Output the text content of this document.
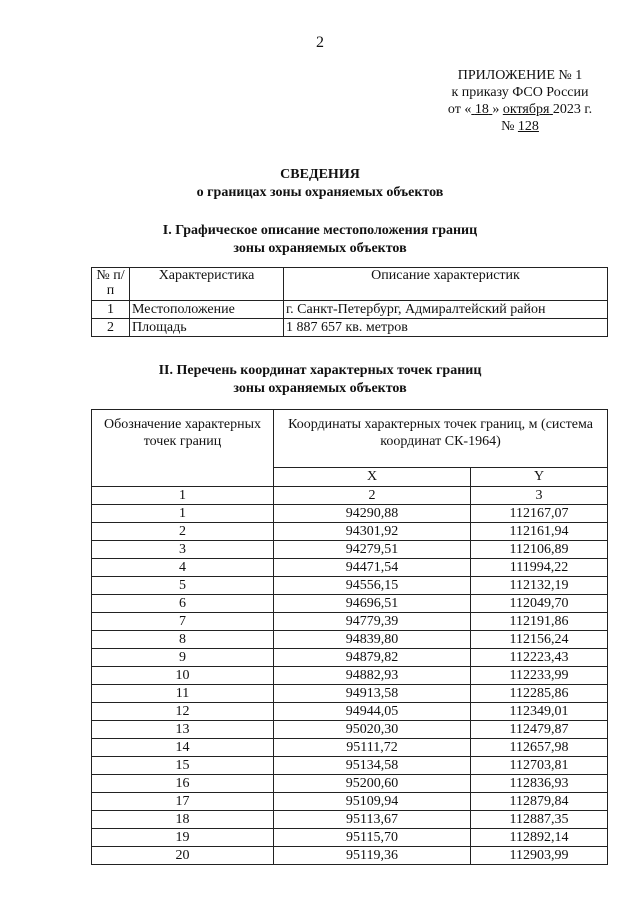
2
ПРИЛОЖЕНИЕ № 1
к приказу ФСО России
от « 18 » октября 2023 г.
№ 128
СВЕДЕНИЯ
о границах зоны охраняемых объектов
I. Графическое описание местоположения границ
зоны охраняемых объектов
№ п/п	Характеристика	Описание характеристик
1	Местоположение	г. Санкт-Петербург, Адмиралтейский район
2	Площадь	1 887 657 кв. метров
II. Перечень координат характерных точек границ
зоны охраняемых объектов
Обозначение характерных точек границ	Координаты характерных точек границ, м (система координат СК-1964)	
	X	Y
1	2	3
1	94290,88	112167,07
2	94301,92	112161,94
3	94279,51	112106,89
4	94471,54	111994,22
5	94556,15	112132,19
6	94696,51	112049,70
7	94779,39	112191,86
8	94839,80	112156,24
9	94879,82	112223,43
10	94882,93	112233,99
11	94913,58	112285,86
12	94944,05	112349,01
13	95020,30	112479,87
14	95111,72	112657,98
15	95134,58	112703,81
16	95200,60	112836,93
17	95109,94	112879,84
18	95113,67	112887,35
19	95115,70	112892,14
20	95119,36	112903,99
